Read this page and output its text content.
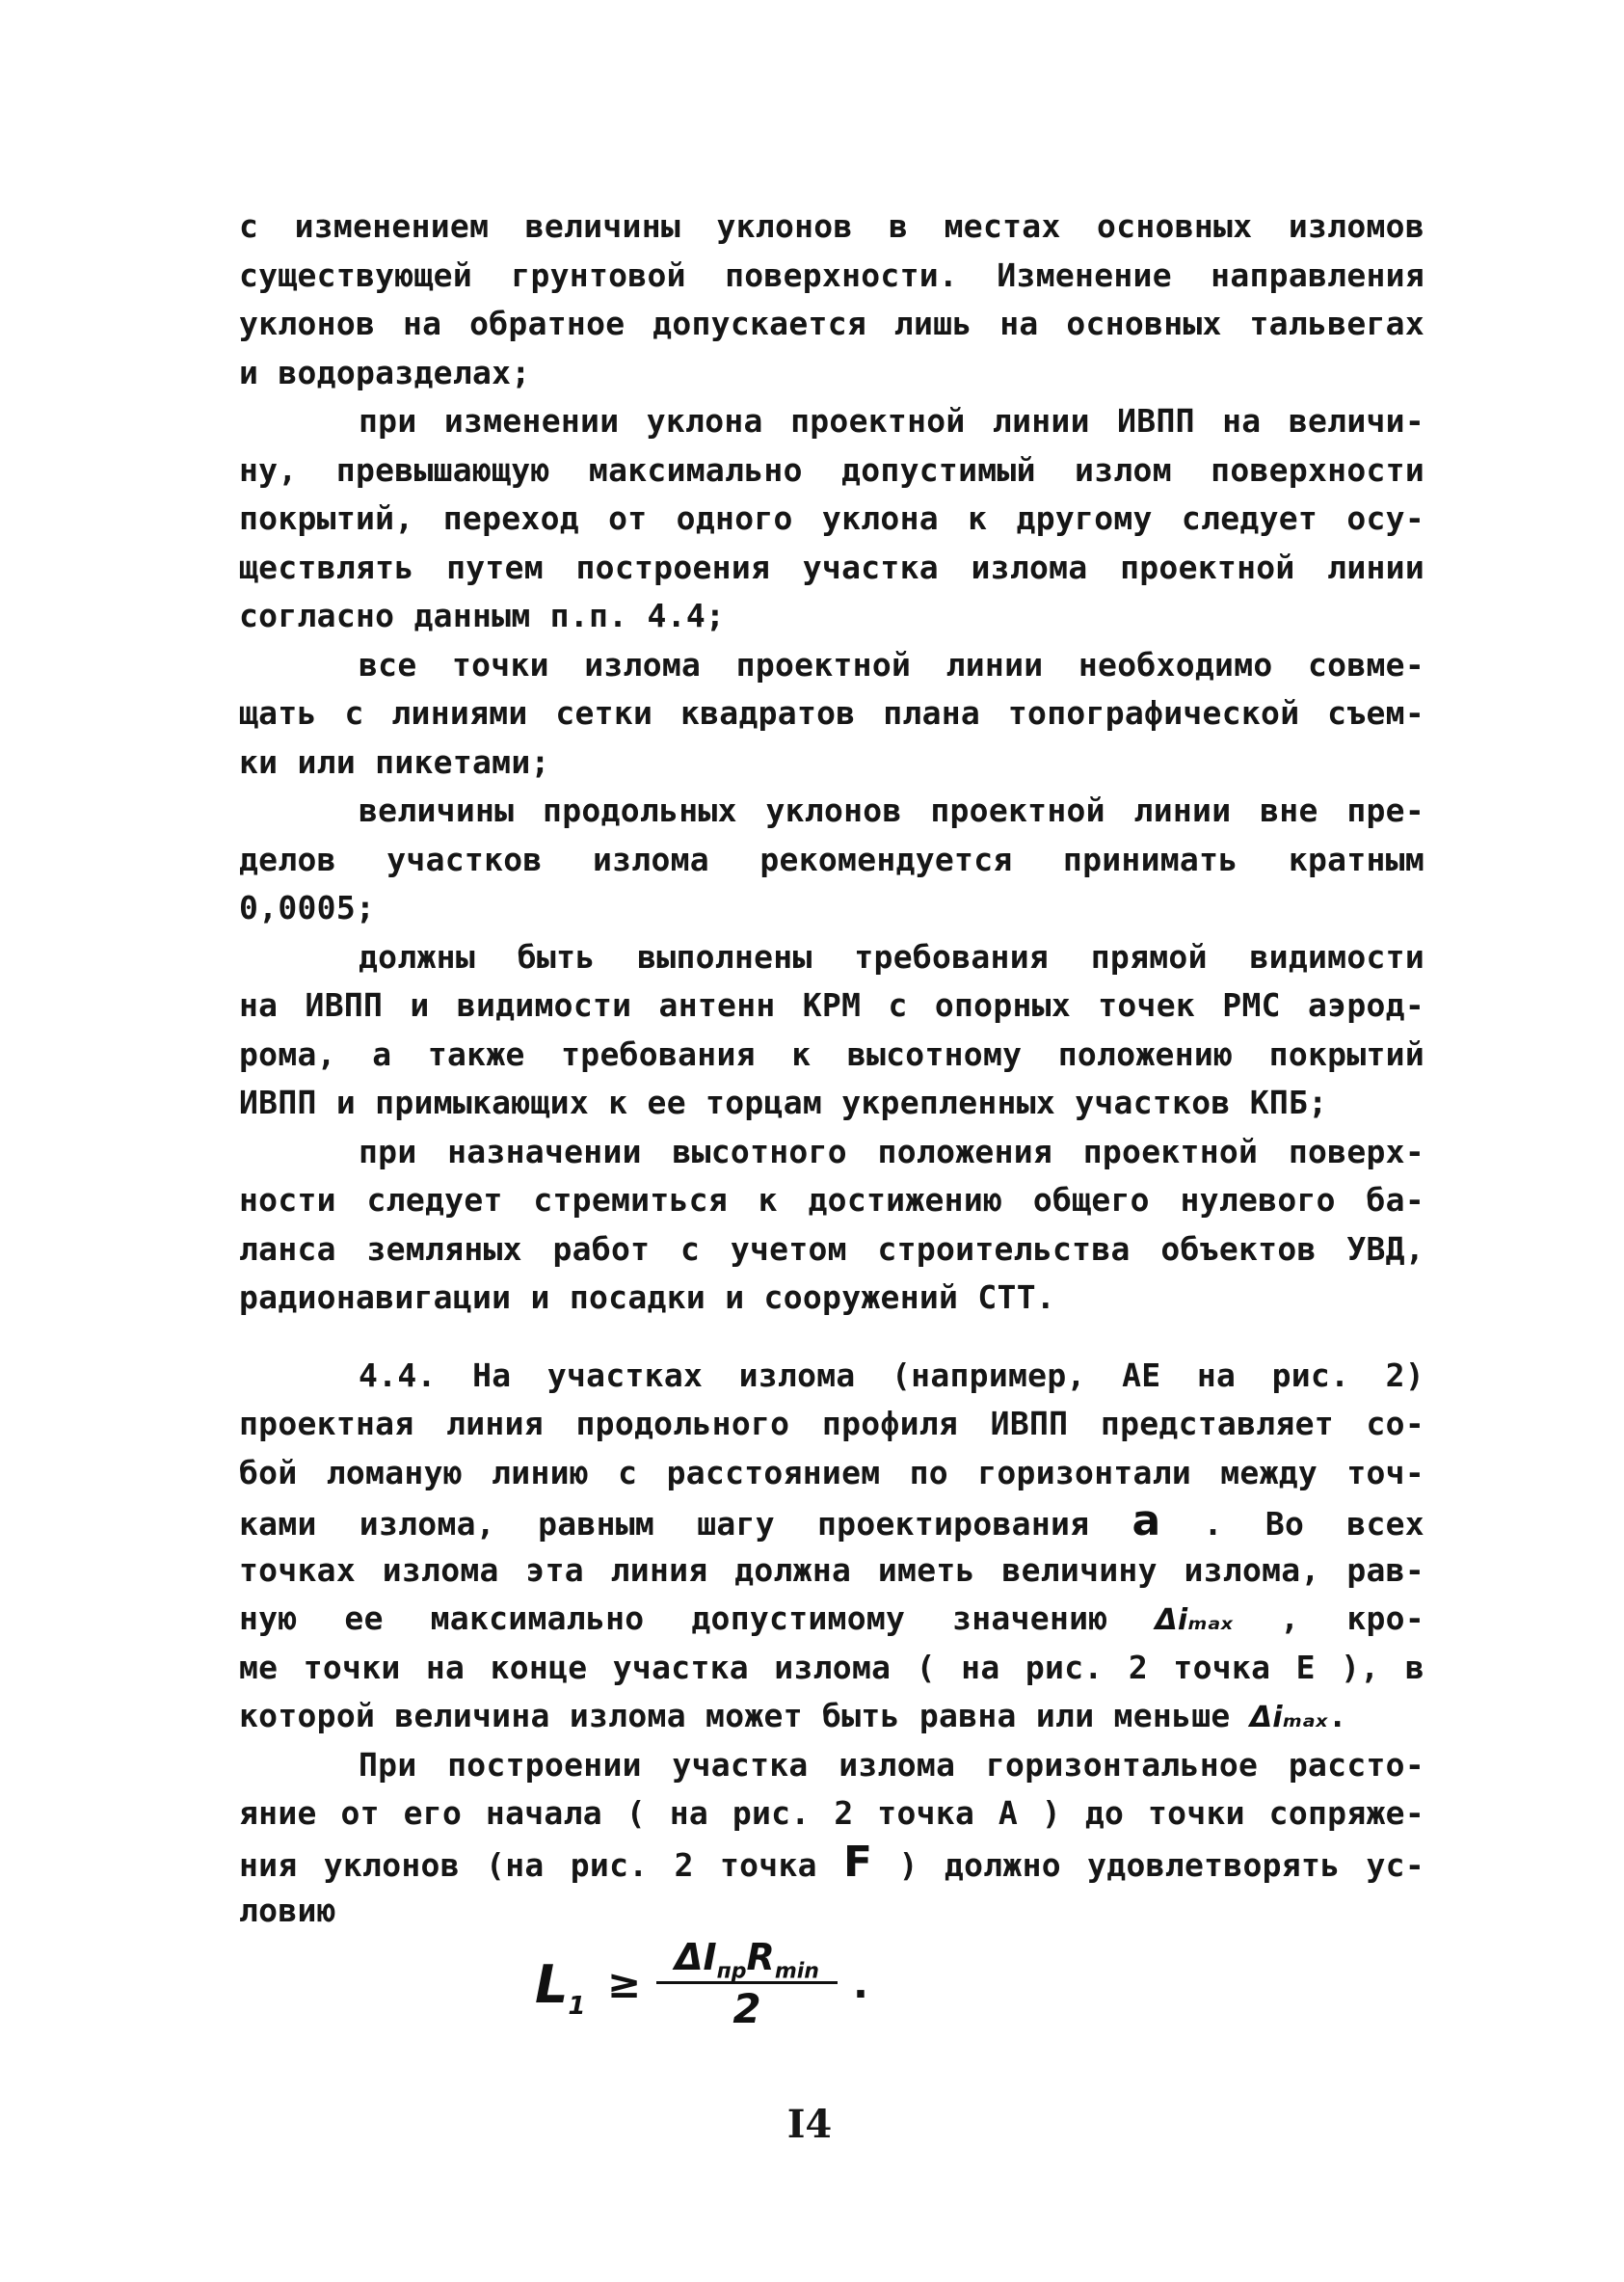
с изменением величины уклонов в местах основных изломов
существующей грунтовой поверхности. Изменение направления
уклонов на обратное допускается лишь на основных тальвегах
и водоразделах;
при изменении уклона проектной линии ИВПП на величи-
ну, превышающую максимально допустимый излом поверхности
покрытий, переход от одного уклона к другому следует осу-
ществлять путем построения участка излома проектной линии
согласно данным п.п. 4.4;
все точки излома проектной линии необходимо совме-
щать с линиями сетки квадратов плана топографической съем-
ки или пикетами;
величины продольных уклонов проектной линии вне пре-
делов участков излома рекомендуется принимать кратным
0,0005;
должны быть выполнены требования прямой видимости
на ИВПП и видимости антенн КРМ с опорных точек РМС аэрод-
рома, а также требования к высотному положению покрытий
ИВПП и примыкающих к ее торцам укрепленных участков КПБ;
при назначении высотного положения проектной поверх-
ности следует стремиться к достижению общего нулевого ба-
ланса земляных работ с учетом строительства объектов УВД,
радионавигации и посадки и сооружений СТТ.
4.4. На участках излома (например, АЕ на рис. 2)
проектная линия продольного профиля ИВПП представляет со-
бой ломаную линию с расстоянием по горизонтали между точ-
ками излома, равным шагу проектирования a . Во всех
точках излома эта линия должна иметь величину излома, рав-
ную ее максимально допустимому значению Δiₘₐₓ , кро-
ме точки на конце участка излома ( на рис. 2 точка Е ), в
которой величина излома может быть равна или меньше Δiₘₐₓ.
При построении участка излома горизонтальное рассто-
яние от его начала ( на рис. 2 точка А ) до точки сопряже-
ния уклонов (на рис. 2 точка F ) должно удовлетворять ус-
ловию
$L_1$ ≥
$\Delta I_{пр}R_{min}$
2
.
I4
